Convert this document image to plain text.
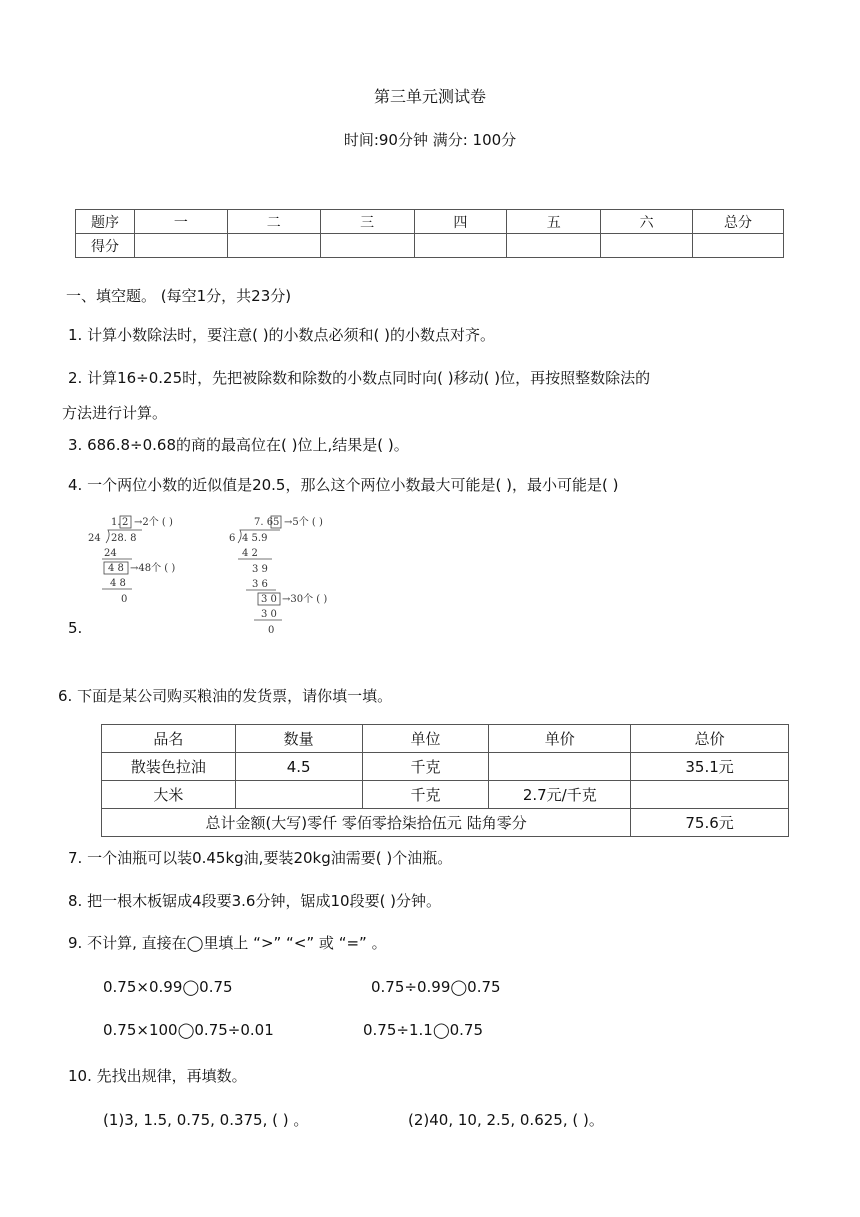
第三单元测试卷
时间:90分钟 满分: 100分
题序	一	二	三	四	五	六	总分
得分							
一、填空题。 (每空1分，共23分)
1. 计算小数除法时，要注意( )的小数点必须和( )的小数点对齐。
2. 计算16÷0.25时，先把被除数和除数的小数点同时向( )移动( )位，再按照整数除法的
方法进行计算。
3. 686.8÷0.68的商的最高位在( )位上,结果是( )。
4. 一个两位小数的近似值是20.5，那么这个两位小数最大可能是( )，最小可能是( )
1. 2 →2个 ( )
24 28. 8
24
4 8 →48个 ( )
4 8
0
7. 6 5 →5个 ( )
6 4 5.9
4 2
3 9
3 6
3 0 →30个 ( )
3 0
0
5.
6. 下面是某公司购买粮油的发货票，请你填一填。
品名	数量	单位	单价	总价
散装色拉油	4.5	千克		35.1元
大米		千克	2.7元/千克	
总计金额(大写)零仟 零佰零拾柒拾伍元 陆角零分				75.6元
7. 一个油瓶可以装0.45kg油,要装20kg油需要( )个油瓶。
8. 把一根木板锯成4段要3.6分钟，锯成10段要( )分钟。
9. 不计算, 直接在◯里填上 “>” “<” 或 “=” 。
0.75×0.99◯0.75	0.75÷0.99◯0.75
0.75×100◯0.75÷0.01	0.75÷1.1◯0.75
10. 先找出规律，再填数。
(1)3, 1.5, 0.75, 0.375, ( ) 。	(2)40, 10, 2.5, 0.625, ( )。
